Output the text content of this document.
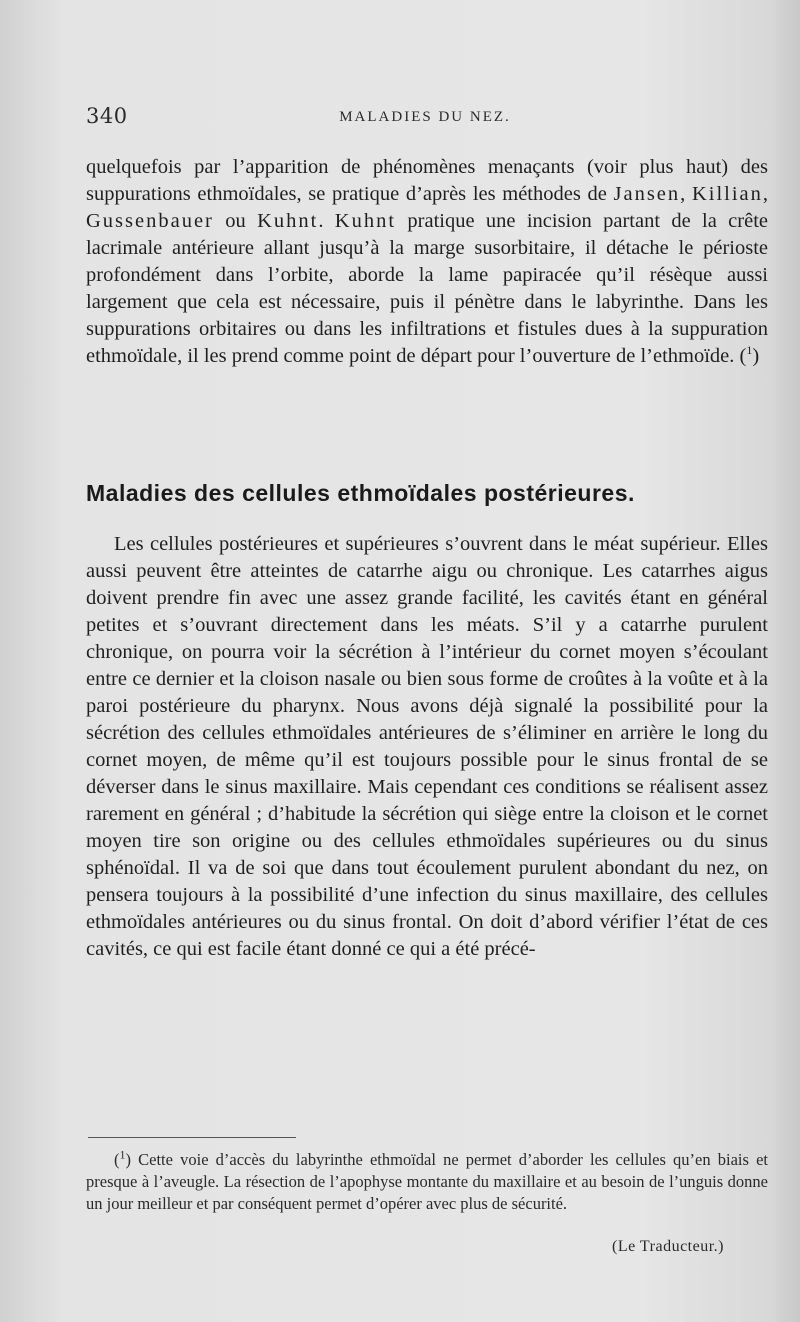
340	MALADIES DU NEZ.

quelquefois par l’apparition de phénomènes menaçants (voir plus haut) des suppurations ethmoïdales, se pratique d’après les méthodes de Jansen, Killian, Gussenbauer ou Kuhnt. Kuhnt pratique une incision partant de la crête lacrimale antérieure allant jusqu’à la marge susorbitaire, il détache le périoste profondément dans l’orbite, aborde la lame papiracée qu’il résèque aussi largement que cela est nécessaire, puis il pénètre dans le labyrinthe. Dans les suppurations orbitaires ou dans les infiltrations et fistules dues à la suppuration ethmoïdale, il les prend comme point de départ pour l’ouverture de l’ethmoïde. ($^1$)

Maladies des cellules ethmoïdales postérieures.

Les cellules postérieures et supérieures s’ouvrent dans le méat supérieur. Elles aussi peuvent être atteintes de catarrhe aigu ou chronique. Les catarrhes aigus doivent prendre fin avec une assez grande facilité, les cavités étant en général petites et s’ouvrant directement dans les méats. S’il y a catarrhe purulent chronique, on pourra voir la sécrétion à l’intérieur du cornet moyen s’écoulant entre ce dernier et la cloison nasale ou bien sous forme de croûtes à la voûte et à la paroi postérieure du pharynx. Nous avons déjà signalé la possibilité pour la sécrétion des cellules ethmoïdales antérieures de s’éliminer en arrière le long du cornet moyen, de même qu’il est toujours possible pour le sinus frontal de se déverser dans le sinus maxillaire. Mais cependant ces conditions se réalisent assez rarement en général ; d’habitude la sécrétion qui siège entre la cloison et le cornet moyen tire son origine ou des cellules ethmoïdales supérieures ou du sinus sphénoïdal. Il va de soi que dans tout écoulement purulent abondant du nez, on pensera toujours à la possibilité d’une infection du sinus maxillaire, des cellules ethmoïdales antérieures ou du sinus frontal. On doit d’abord vérifier l’état de ces cavités, ce qui est facile étant donné ce qui a été précé-

($^1$) Cette voie d’accès du labyrinthe ethmoïdal ne permet d’aborder les cellules qu’en biais et presque à l’aveugle. La résection de l’apophyse montante du maxillaire et au besoin de l’unguis donne un jour meilleur et par conséquent permet d’opérer avec plus de sécurité.

(Le Traducteur.)
